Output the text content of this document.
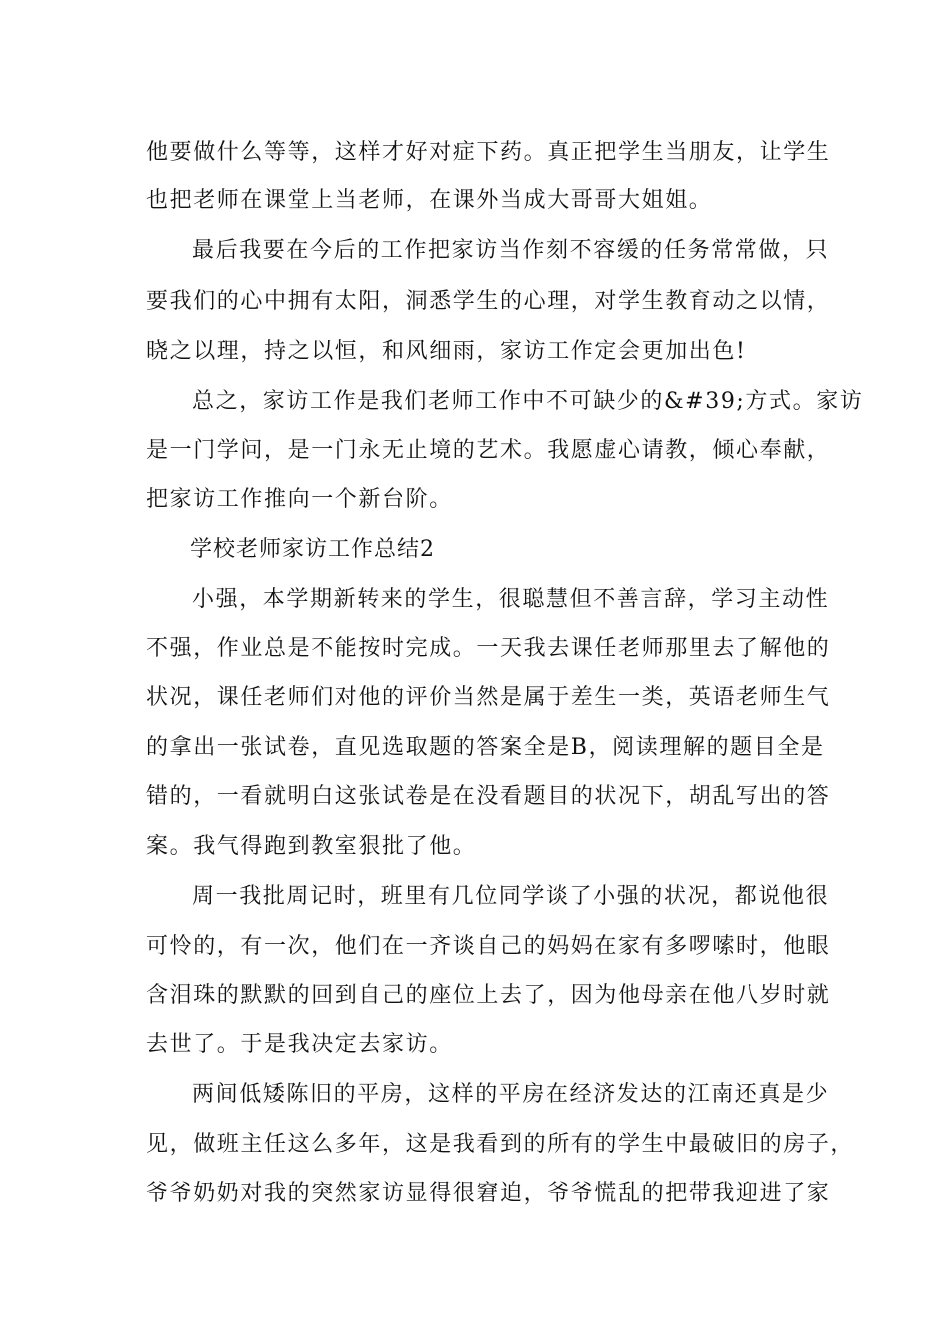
他要做什么等等，这样才好对症下药。真正把学生当朋友，让学生
也把老师在课堂上当老师，在课外当成大哥哥大姐姐。
最后我要在今后的工作把家访当作刻不容缓的任务常常做，只
要我们的心中拥有太阳，洞悉学生的心理，对学生教育动之以情，
晓之以理，持之以恒，和风细雨，家访工作定会更加出色!
总之，家访工作是我们老师工作中不可缺少的&#39;方式。家访
是一门学问，是一门永无止境的艺术。我愿虚心请教，倾心奉献，
把家访工作推向一个新台阶。
学校老师家访工作总结2
小强，本学期新转来的学生，很聪慧但不善言辞，学习主动性
不强，作业总是不能按时完成。一天我去课任老师那里去了解他的
状况，课任老师们对他的评价当然是属于差生一类，英语老师生气
的拿出一张试卷，直见选取题的答案全是B，阅读理解的题目全是
错的，一看就明白这张试卷是在没看题目的状况下，胡乱写出的答
案。我气得跑到教室狠批了他。
周一我批周记时，班里有几位同学谈了小强的状况，都说他很
可怜的，有一次，他们在一齐谈自己的妈妈在家有多啰嗦时，他眼
含泪珠的默默的回到自己的座位上去了，因为他母亲在他八岁时就
去世了。于是我决定去家访。
两间低矮陈旧的平房，这样的平房在经济发达的江南还真是少
见，做班主任这么多年，这是我看到的所有的学生中最破旧的房子，
爷爷奶奶对我的突然家访显得很窘迫，爷爷慌乱的把带我迎进了家
